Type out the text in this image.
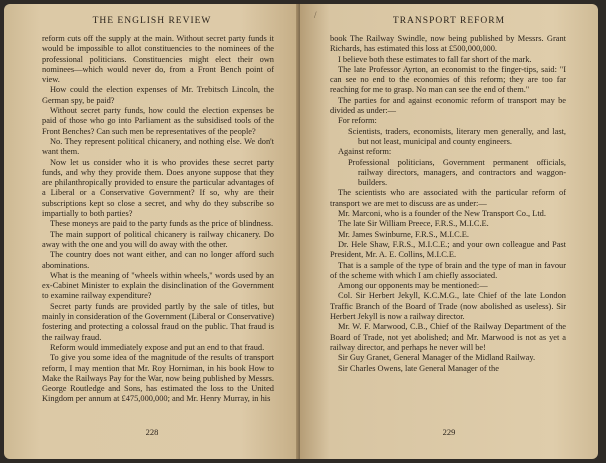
THE ENGLISH REVIEW

reform cuts off the supply at the main. Without secret party funds it would be impossible to allot constituencies to the nominees of the professional politicians. Constituencies might elect their own nominees—which would never do, from a Front Bench point of view.

How could the election expenses of Mr. Trebitsch Lincoln, the German spy, be paid?

Without secret party funds, how could the election expenses be paid of those who go into Parliament as the subsidised tools of the Front Benches? Can such men be representatives of the people?

No. They represent political chicanery, and nothing else. We don't want them.

Now let us consider who it is who provides these secret party funds, and why they provide them. Does anyone suppose that they are philanthropically provided to ensure the particular advantages of a Liberal or a Conservative Government? If so, why are their subscriptions kept so close a secret, and why do they subscribe so impartially to both parties?

These moneys are paid to the party funds as the price of blindness.

The main support of political chicanery is railway chicanery. Do away with the one and you will do away with the other.

The country does not want either, and can no longer afford such abominations.

What is the meaning of "wheels within wheels," words used by an ex-Cabinet Minister to explain the disinclination of the Government to examine railway expenditure?

Secret party funds are provided partly by the sale of titles, but mainly in consideration of the Government (Liberal or Conservative) fostering and protecting a colossal fraud on the public. That fraud is the railway fraud.

Reform would immediately expose and put an end to that fraud.

To give you some idea of the magnitude of the results of transport reform, I may mention that Mr. Roy Horniman, in his book How to Make the Railways Pay for the War, now being published by Messrs. George Routledge and Sons, has estimated the loss to the United Kingdom per annum at £475,000,000; and Mr. Henry Murray, in his

228
/
TRANSPORT REFORM

book The Railway Swindle, now being published by Messrs. Grant Richards, has estimated this loss at £500,000,000.

I believe both these estimates to fall far short of the mark.

The late Professor Ayrton, an economist to the finger-tips, said: "I can see no end to the economies of this reform; they are too far reaching for me to grasp. No man can see the end of them."

The parties for and against economic reform of transport may be divided as under:—

For reform:

Scientists, traders, economists, literary men generally, and last, but not least, municipal and county engineers.

Against reform:

Professional politicians, Government permanent officials, railway directors, managers, and contractors and waggon-builders.

The scientists who are associated with the particular reform of transport we are met to discuss are as under:—

Mr. Marconi, who is a founder of the New Transport Co., Ltd.

The late Sir William Preece, F.R.S., M.I.C.E.

Mr. James Swinburne, F.R.S., M.I.C.E.

Dr. Hele Shaw, F.R.S., M.I.C.E.; and your own colleague and Past President, Mr. A. E. Collins, M.I.C.E.

That is a sample of the type of brain and the type of man in favour of the scheme with which I am chiefly associated.

Among our opponents may be mentioned:—

Col. Sir Herbert Jekyll, K.C.M.G., late Chief of the late London Traffic Branch of the Board of Trade (now abolished as useless). Sir Herbert Jekyll is now a railway director.

Mr. W. F. Marwood, C.B., Chief of the Railway Department of the Board of Trade, not yet abolished; and Mr. Marwood is not as yet a railway director, and perhaps he never will be!

Sir Guy Granet, General Manager of the Midland Railway.

Sir Charles Owens, late General Manager of the

229
